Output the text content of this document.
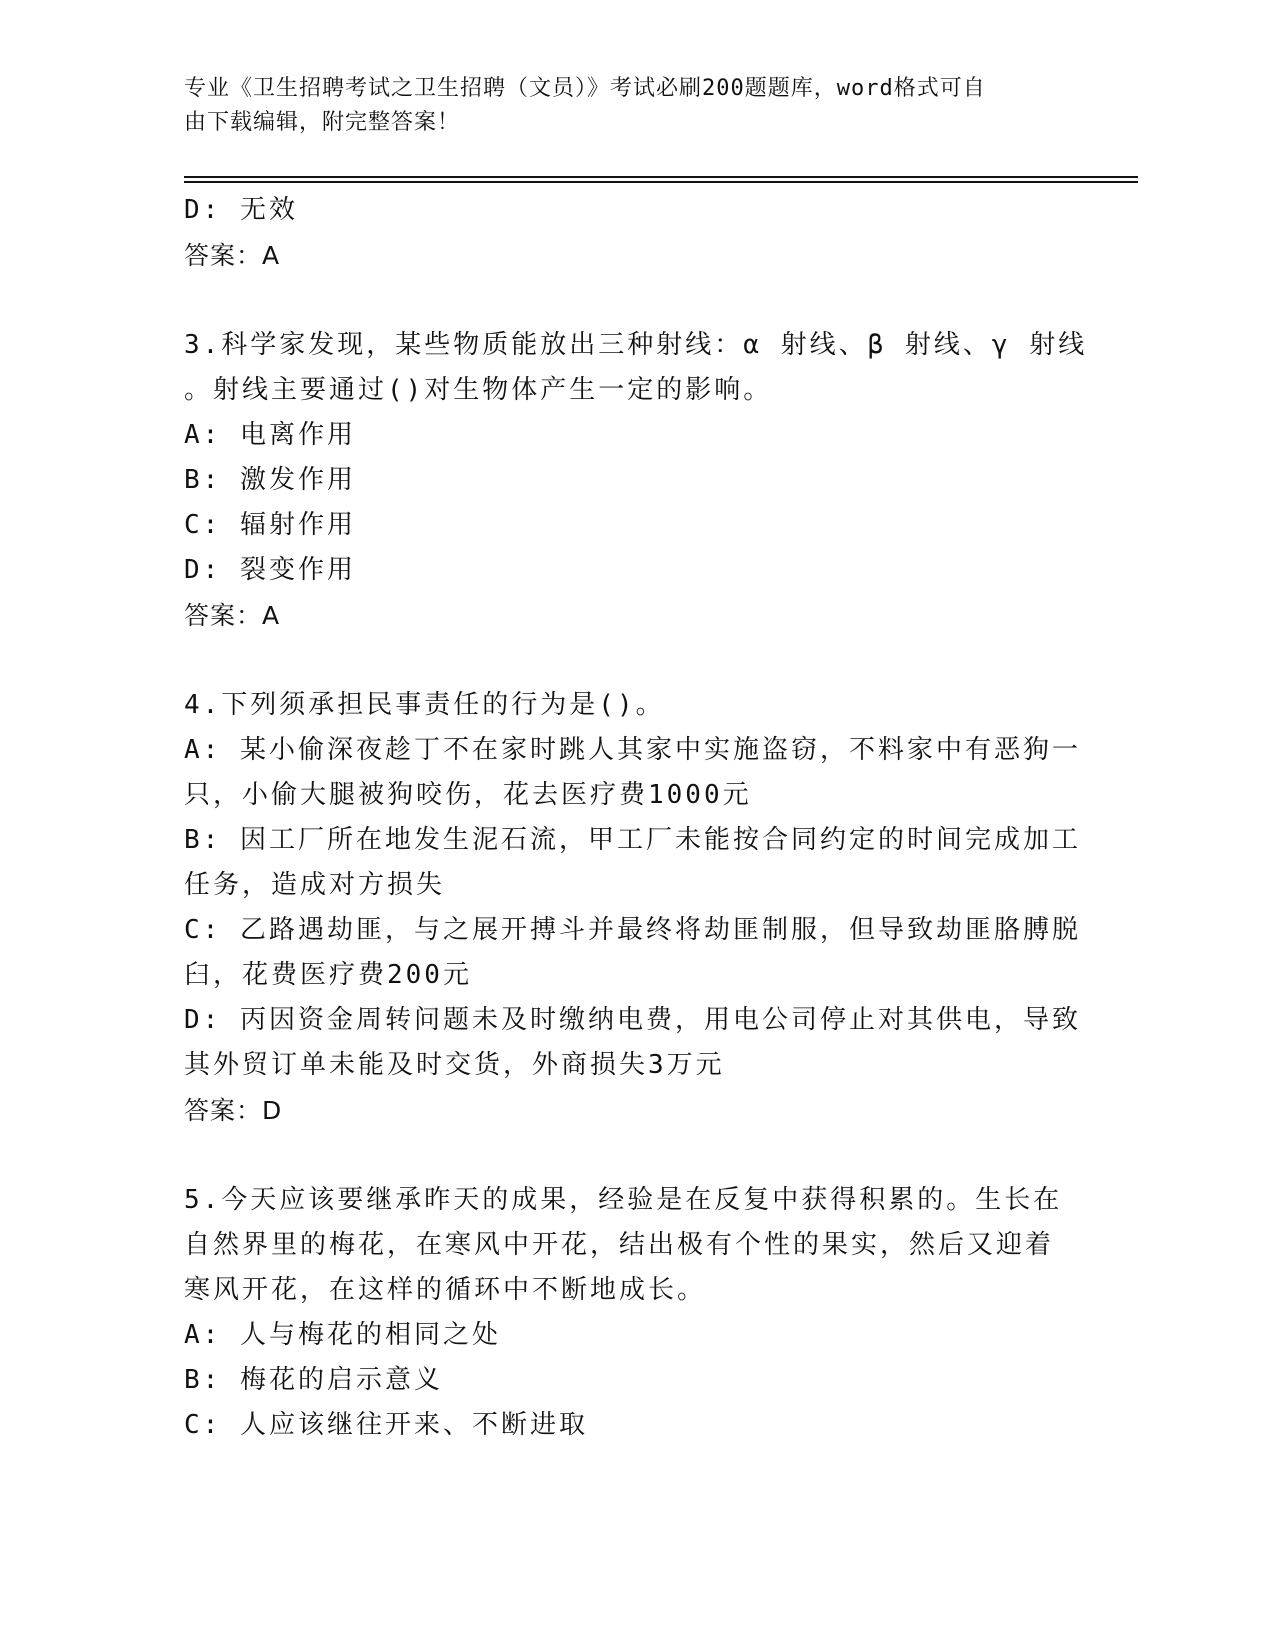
专业《卫生招聘考试之卫生招聘（文员）》考试必刷200题题库，word格式可自
由下载编辑，附完整答案！
D: 无效
答案：A
3.科学家发现，某些物质能放出三种射线：α 射线、β 射线、γ 射线
。射线主要通过()对生物体产生一定的影响。
A: 电离作用
B: 激发作用
C: 辐射作用
D: 裂变作用
答案：A
4.下列须承担民事责任的行为是()。
A: 某小偷深夜趁丁不在家时跳人其家中实施盗窃，不料家中有恶狗一
只，小偷大腿被狗咬伤，花去医疗费1000元
B: 因工厂所在地发生泥石流，甲工厂未能按合同约定的时间完成加工
任务，造成对方损失
C: 乙路遇劫匪，与之展开搏斗并最终将劫匪制服，但导致劫匪胳膊脱
臼，花费医疗费200元
D: 丙因资金周转问题未及时缴纳电费，用电公司停止对其供电，导致
其外贸订单未能及时交货，外商损失3万元
答案：D
5.今天应该要继承昨天的成果，经验是在反复中获得积累的。生长在
自然界里的梅花，在寒风中开花，结出极有个性的果实，然后又迎着
寒风开花，在这样的循环中不断地成长。
A: 人与梅花的相同之处
B: 梅花的启示意义
C: 人应该继往开来、不断进取
